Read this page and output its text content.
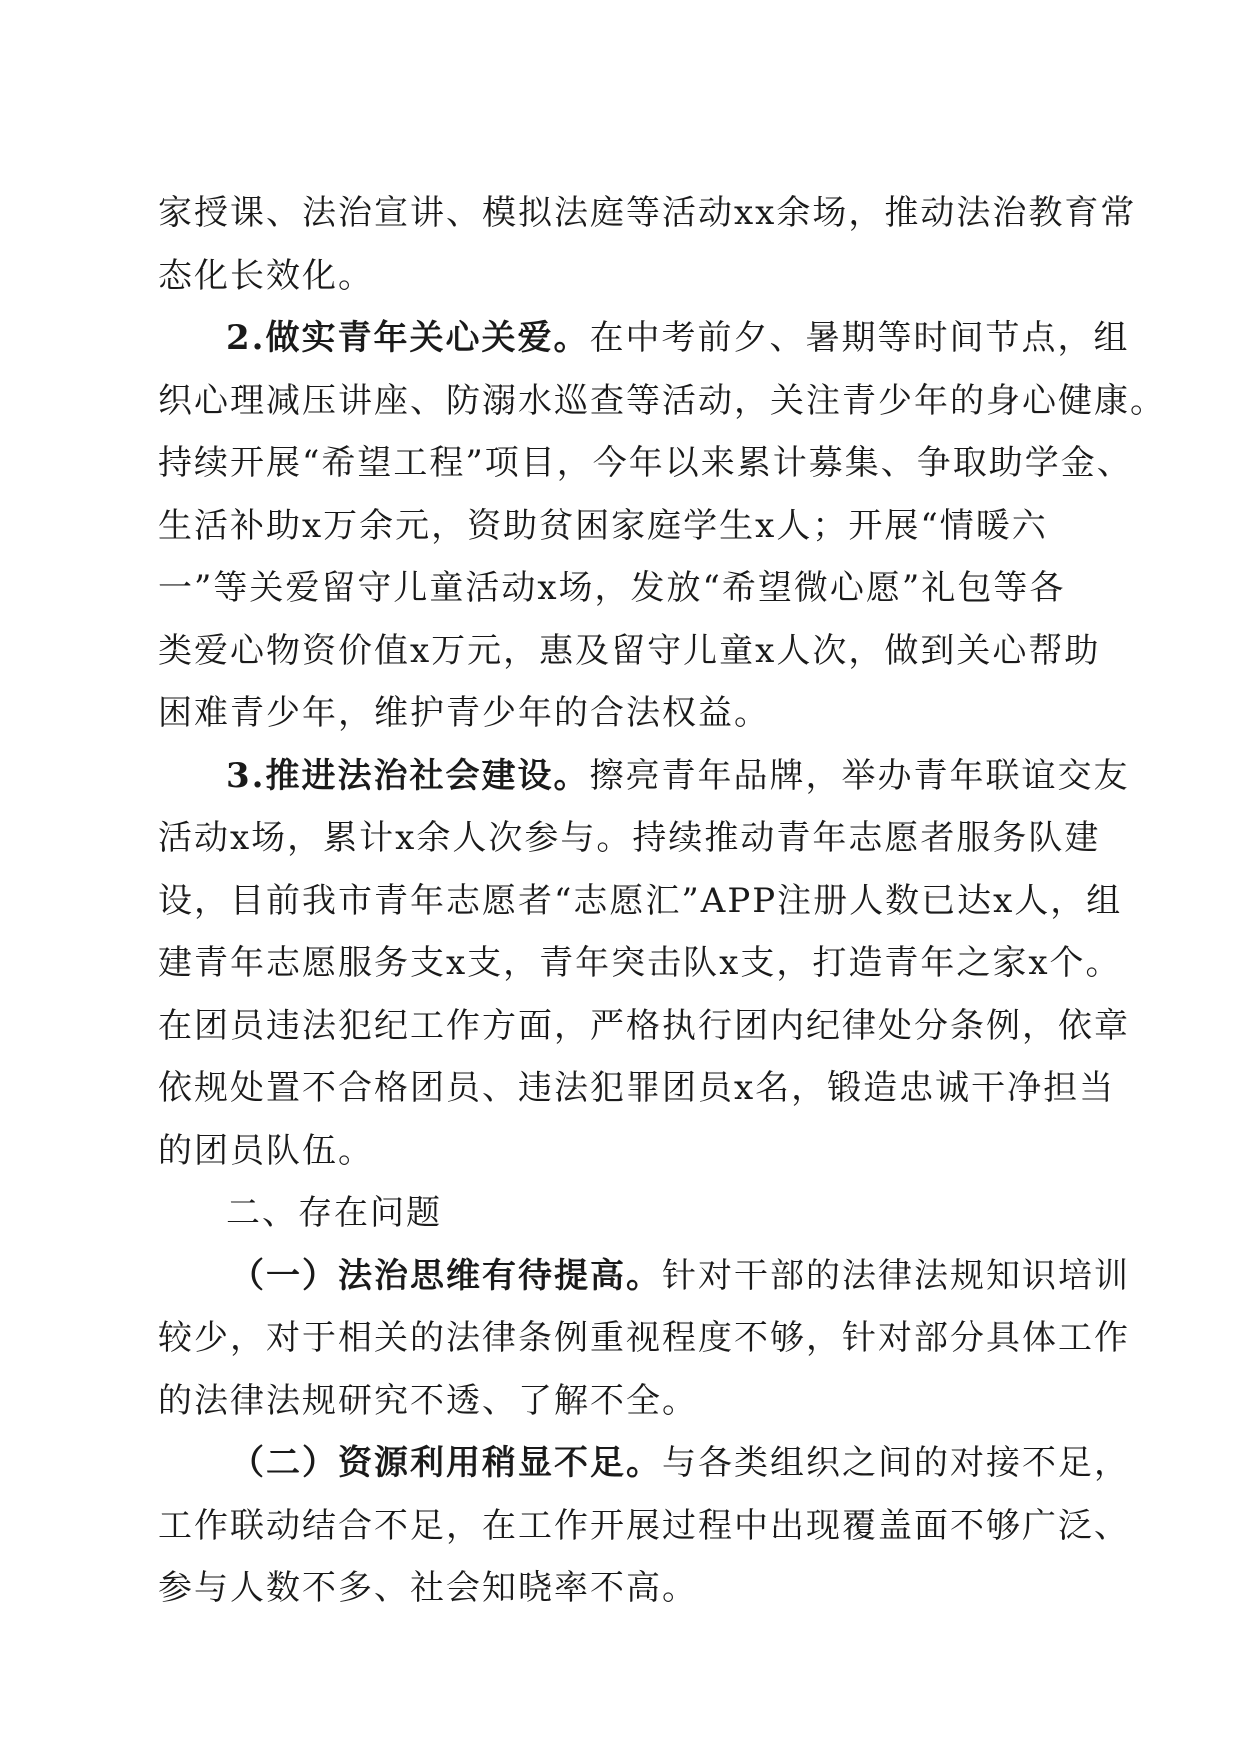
家授课、法治宣讲、模拟法庭等活动xx余场，推动法治教育常
态化长效化。
2.做实青年关心关爱。在中考前夕、暑期等时间节点，组
织心理减压讲座、防溺水巡查等活动，关注青少年的身心健康。
持续开展“希望工程”项目，今年以来累计募集、争取助学金、
生活补助x万余元，资助贫困家庭学生x人；开展“情暖六
一”等关爱留守儿童活动x场，发放“希望微心愿”礼包等各
类爱心物资价值x万元，惠及留守儿童x人次，做到关心帮助
困难青少年，维护青少年的合法权益。
3.推进法治社会建设。擦亮青年品牌，举办青年联谊交友
活动x场，累计x余人次参与。持续推动青年志愿者服务队建
设，目前我市青年志愿者“志愿汇”APP注册人数已达x人，组
建青年志愿服务支x支，青年突击队x支，打造青年之家x个。
在团员违法犯纪工作方面，严格执行团内纪律处分条例，依章
依规处置不合格团员、违法犯罪团员x名，锻造忠诚干净担当
的团员队伍。
二、存在问题
（一）法治思维有待提高。针对干部的法律法规知识培训
较少，对于相关的法律条例重视程度不够，针对部分具体工作
的法律法规研究不透、了解不全。
（二）资源利用稍显不足。与各类组织之间的对接不足，
工作联动结合不足，在工作开展过程中出现覆盖面不够广泛、
参与人数不多、社会知晓率不高。
